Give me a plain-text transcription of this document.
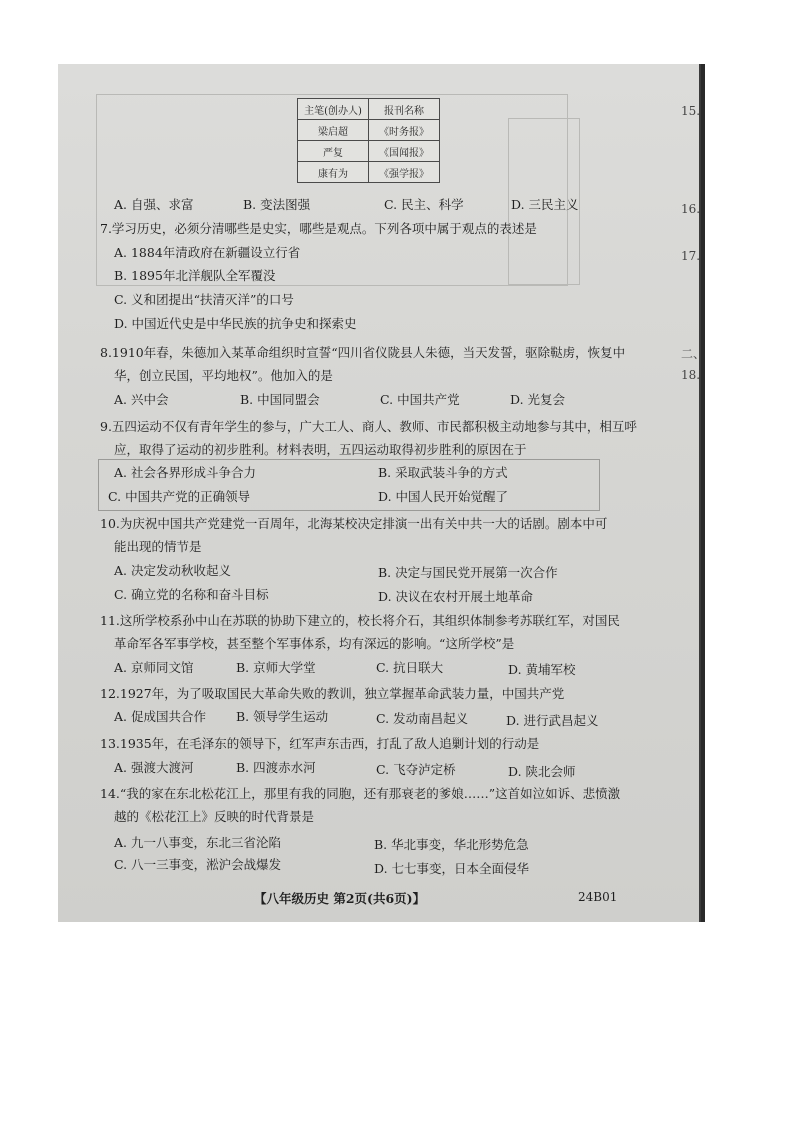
主笔(创办人)	报刊名称
梁启超	《时务报》
严复	《国闻报》
康有为	《强学报》
A. 自强、求富	B. 变法图强	C. 民主、科学	D. 三民主义
7.学习历史，必须分清哪些是史实，哪些是观点。下列各项中属于观点的表述是
A. 1884年清政府在新疆设立行省
B. 1895年北洋舰队全军覆没
C. 义和团提出“扶清灭洋”的口号
D. 中国近代史是中华民族的抗争史和探索史
8.1910年春，朱德加入某革命组织时宣誓“四川省仪陇县人朱德，当天发誓，驱除鞑虏，恢复中
华，创立民国，平均地权”。他加入的是
A. 兴中会	B. 中国同盟会	C. 中国共产党	D. 光复会
9.五四运动不仅有青年学生的参与，广大工人、商人、教师、市民都积极主动地参与其中，相互呼
应，取得了运动的初步胜利。材料表明，五四运动取得初步胜利的原因在于
A. 社会各界形成斗争合力	B. 采取武装斗争的方式
C. 中国共产党的正确领导	D. 中国人民开始觉醒了
10.为庆祝中国共产党建党一百周年，北海某校决定排演一出有关中共一大的话剧。剧本中可
能出现的情节是
A. 决定发动秋收起义	B. 决定与国民党开展第一次合作
C. 确立党的名称和奋斗目标	D. 决议在农村开展土地革命
11.这所学校系孙中山在苏联的协助下建立的，校长将介石，其组织体制参考苏联红军，对国民
革命军各军事学校，甚至整个军事体系，均有深远的影响。“这所学校”是
A. 京师同文馆	B. 京师大学堂	C. 抗日联大	D. 黄埔军校
12.1927年，为了吸取国民大革命失败的教训，独立掌握革命武装力量，中国共产党
A. 促成国共合作 B. 领导学生运动	C. 发动南昌起义	D. 进行武昌起义
13.1935年，在毛泽东的领导下，红军声东击西，打乱了敌人追剿计划的行动是
A. 强渡大渡河	B. 四渡赤水河	C. 飞夺泸定桥	D. 陕北会师
14.“我的家在东北松花江上，那里有我的同胞，还有那衰老的爹娘……”这首如泣如诉、悲愤激
越的《松花江上》反映的时代背景是
A. 九一八事变，东北三省沦陷	B. 华北事变，华北形势危急
C. 八一三事变，淞沪会战爆发	D. 七七事变，日本全面侵华
【八年级历史 第2页(共6页)】	24B01
15.
16.
17.
二、
18.
